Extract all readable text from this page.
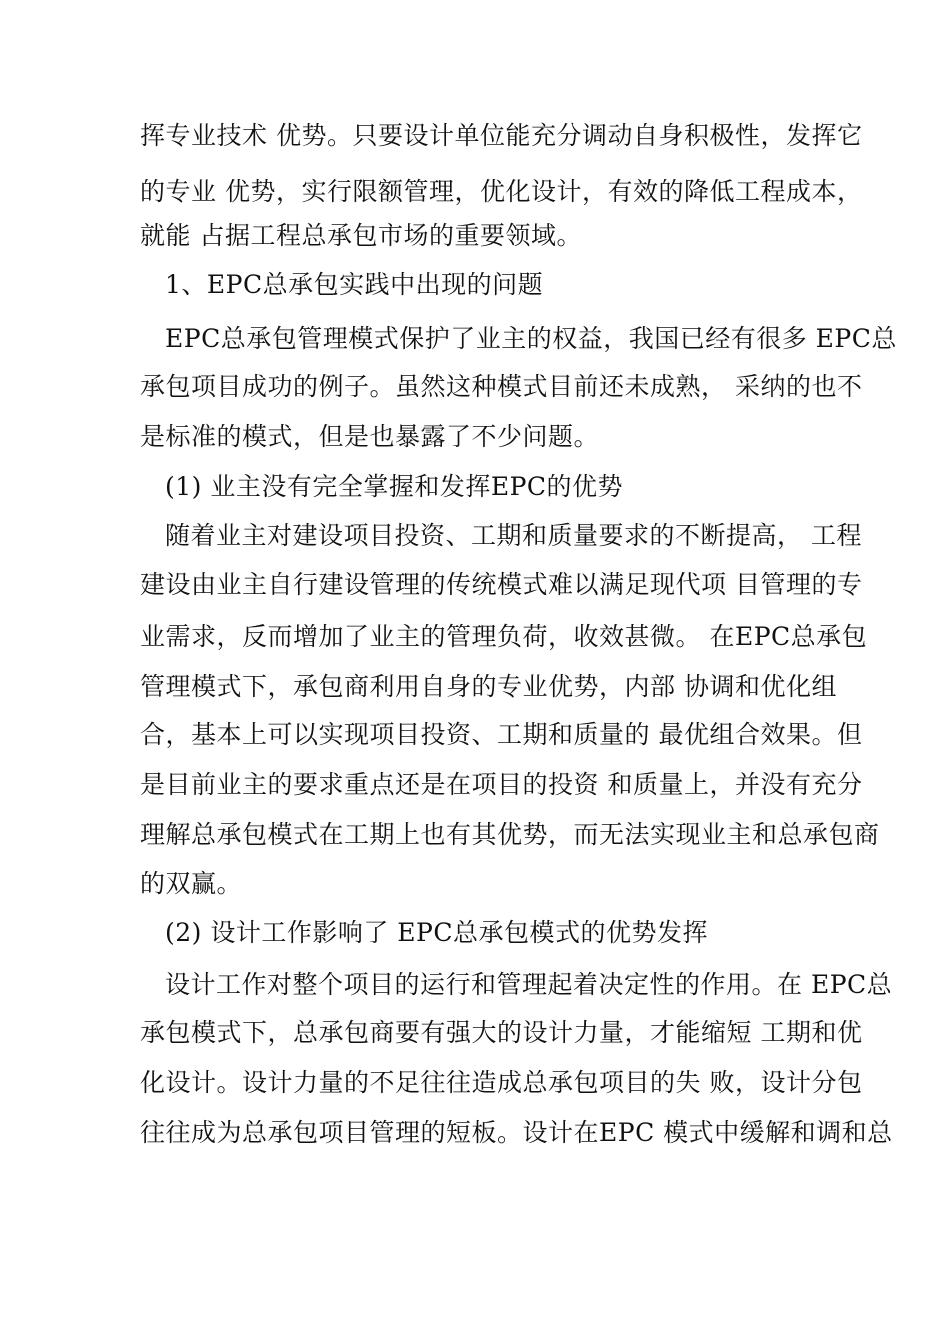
挥专业技术 优势。只要设计单位能充分调动自身积极性，发挥它
的专业 优势，实行限额管理，优化设计，有效的降低工程成本，
就能 占据工程总承包市场的重要领域。
1、EPC总承包实践中出现的问题
EPC总承包管理模式保护了业主的权益，我国已经有很多 EPC总
承包项目成功的例子。虽然这种模式目前还未成熟， 采纳的也不
是标准的模式，但是也暴露了不少问题。
(1) 业主没有完全掌握和发挥EPC的优势
随着业主对建设项目投资、工期和质量要求的不断提高， 工程
建设由业主自行建设管理的传统模式难以满足现代项 目管理的专
业需求，反而增加了业主的管理负荷，收效甚微。 在EPC总承包
管理模式下，承包商利用自身的专业优势，内部 协调和优化组
合，基本上可以实现项目投资、工期和质量的 最优组合效果。但
是目前业主的要求重点还是在项目的投资 和质量上，并没有充分
理解总承包模式在工期上也有其优势，而无法实现业主和总承包商
的双赢。
(2) 设计工作影响了 EPC总承包模式的优势发挥
设计工作对整个项目的运行和管理起着决定性的作用。在 EPC总
承包模式下，总承包商要有强大的设计力量，才能缩短 工期和优
化设计。设计力量的不足往往造成总承包项目的失 败，设计分包
往往成为总承包项目管理的短板。设计在EPC 模式中缓解和调和总
